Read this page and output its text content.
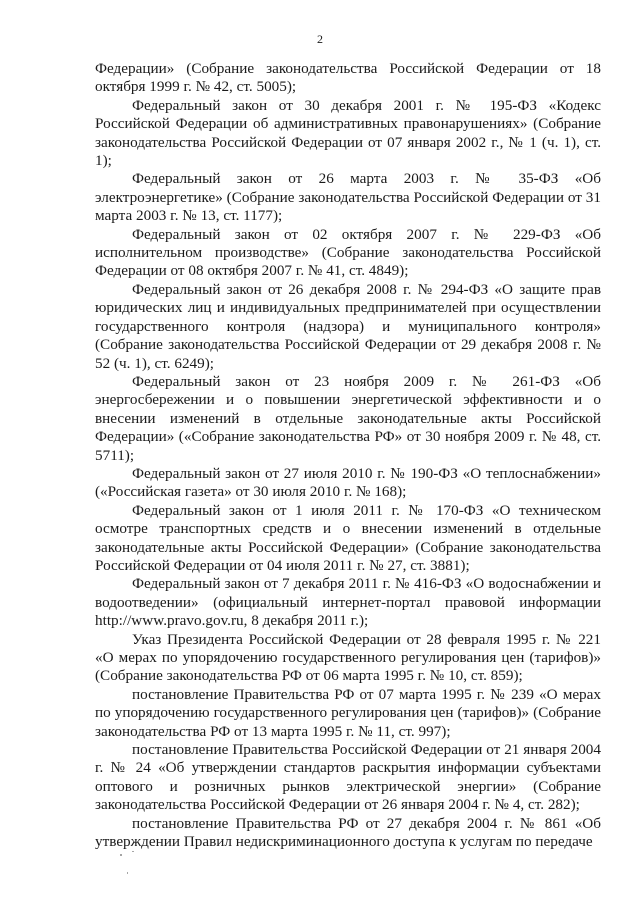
2

Федерации» (Собрание законодательства Российской Федерации от 18 октября 1999 г. № 42, ст. 5005);

Федеральный закон от 30 декабря 2001 г. № 195-ФЗ «Кодекс Российской Федерации об административных правонарушениях» (Собрание законодательства Российской Федерации от 07 января 2002 г., № 1 (ч. 1), ст. 1);

Федеральный закон от 26 марта 2003 г. № 35-ФЗ «Об электроэнергетике» (Собрание законодательства Российской Федерации от 31 марта 2003 г. № 13, ст. 1177);

Федеральный закон от 02 октября 2007 г. № 229-ФЗ «Об исполнительном производстве» (Собрание законодательства Российской Федерации от 08 октября 2007 г. № 41, ст. 4849);

Федеральный закон от 26 декабря 2008 г. № 294-ФЗ «О защите прав юридических лиц и индивидуальных предпринимателей при осуществлении государственного контроля (надзора) и муниципального контроля» (Собрание законодательства Российской Федерации от 29 декабря 2008 г. № 52 (ч. 1), ст. 6249);

Федеральный закон от 23 ноября 2009 г. № 261-ФЗ «Об энергосбережении и о повышении энергетической эффективности и о внесении изменений в отдельные законодательные акты Российской Федерации» («Собрание законодательства РФ» от 30 ноября 2009 г. № 48, ст. 5711);

Федеральный закон от 27 июля 2010 г. № 190-ФЗ «О теплоснабжении» («Российская газета» от 30 июля 2010 г. № 168);

Федеральный закон от 1 июля 2011 г. № 170-ФЗ «О техническом осмотре транспортных средств и о внесении изменений в отдельные законодательные акты Российской Федерации» (Собрание законодательства Российской Федерации от 04 июля 2011 г. № 27, ст. 3881);

Федеральный закон от 7 декабря 2011 г. № 416-ФЗ «О водоснабжении и водоотведении» (официальный интернет-портал правовой информации http://www.pravo.gov.ru, 8 декабря 2011 г.);

Указ Президента Российской Федерации от 28 февраля 1995 г. № 221 «О мерах по упорядочению государственного регулирования цен (тарифов)» (Собрание законодательства РФ от 06 марта 1995 г. № 10, ст. 859);

постановление Правительства РФ от 07 марта 1995 г. № 239 «О мерах по упорядочению государственного регулирования цен (тарифов)» (Собрание законодательства РФ от 13 марта 1995 г. № 11, ст. 997);

постановление Правительства Российской Федерации от 21 января 2004 г. № 24 «Об утверждении стандартов раскрытия информации субъектами оптового и розничных рынков электрической энергии» (Собрание законодательства Российской Федерации от 26 января 2004 г. № 4, ст. 282);

постановление Правительства РФ от 27 декабря 2004 г. № 861 «Об утверждении Правил недискриминационного доступа к услугам по передаче
